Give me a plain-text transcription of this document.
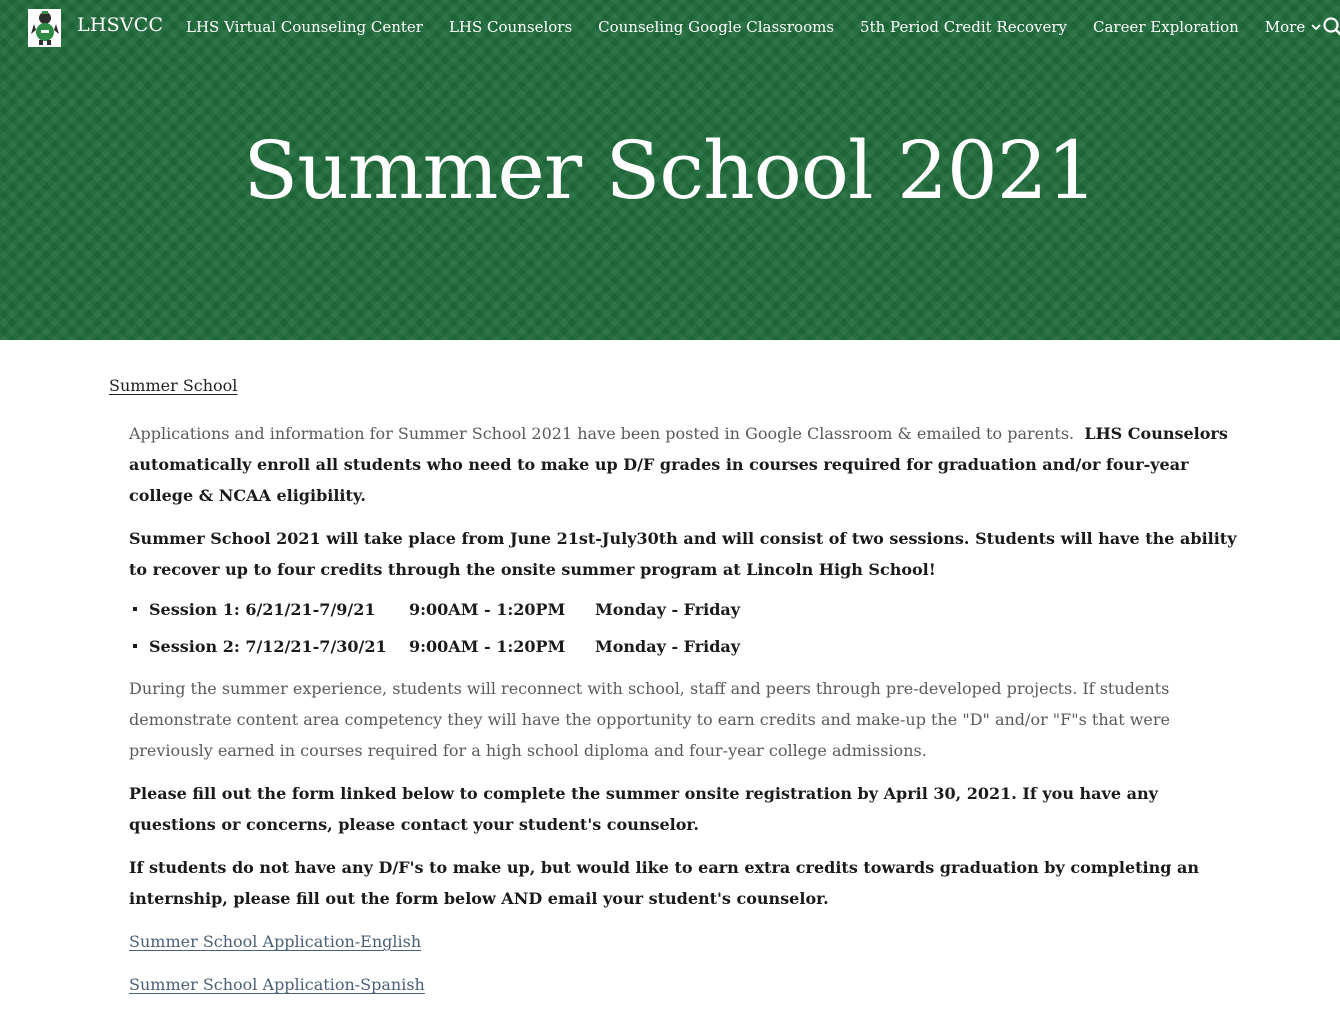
LHSVCC LHS Virtual Counseling Center LHS Counselors Counseling Google Classrooms 5th Period Credit Recovery Career Exploration More
Summer School 2021
Summer School
Applications and information for Summer School 2021 have been posted in Google Classroom & emailed to parents. LHS Counselors automatically enroll all students who need to make up D/F grades in courses required for graduation and/or four-year college & NCAA eligibility.
Summer School 2021 will take place from June 21st-July30th and will consist of two sessions. Students will have the ability to recover up to four credits through the onsite summer program at Lincoln High School!
Session 1: 6/21/21-7/9/21	9:00AM - 1:20PM	Monday - Friday
Session 2: 7/12/21-7/30/21	9:00AM - 1:20PM	Monday - Friday
During the summer experience, students will reconnect with school, staff and peers through pre-developed projects. If students demonstrate content area competency they will have the opportunity to earn credits and make-up the "D" and/or "F"s that were previously earned in courses required for a high school diploma and four-year college admissions.
Please fill out the form linked below to complete the summer onsite registration by April 30, 2021. If you have any questions or concerns, please contact your student's counselor.
If students do not have any D/F's to make up, but would like to earn extra credits towards graduation by completing an internship, please fill out the form below AND email your student's counselor.
Summer School Application-English
Summer School Application-Spanish
